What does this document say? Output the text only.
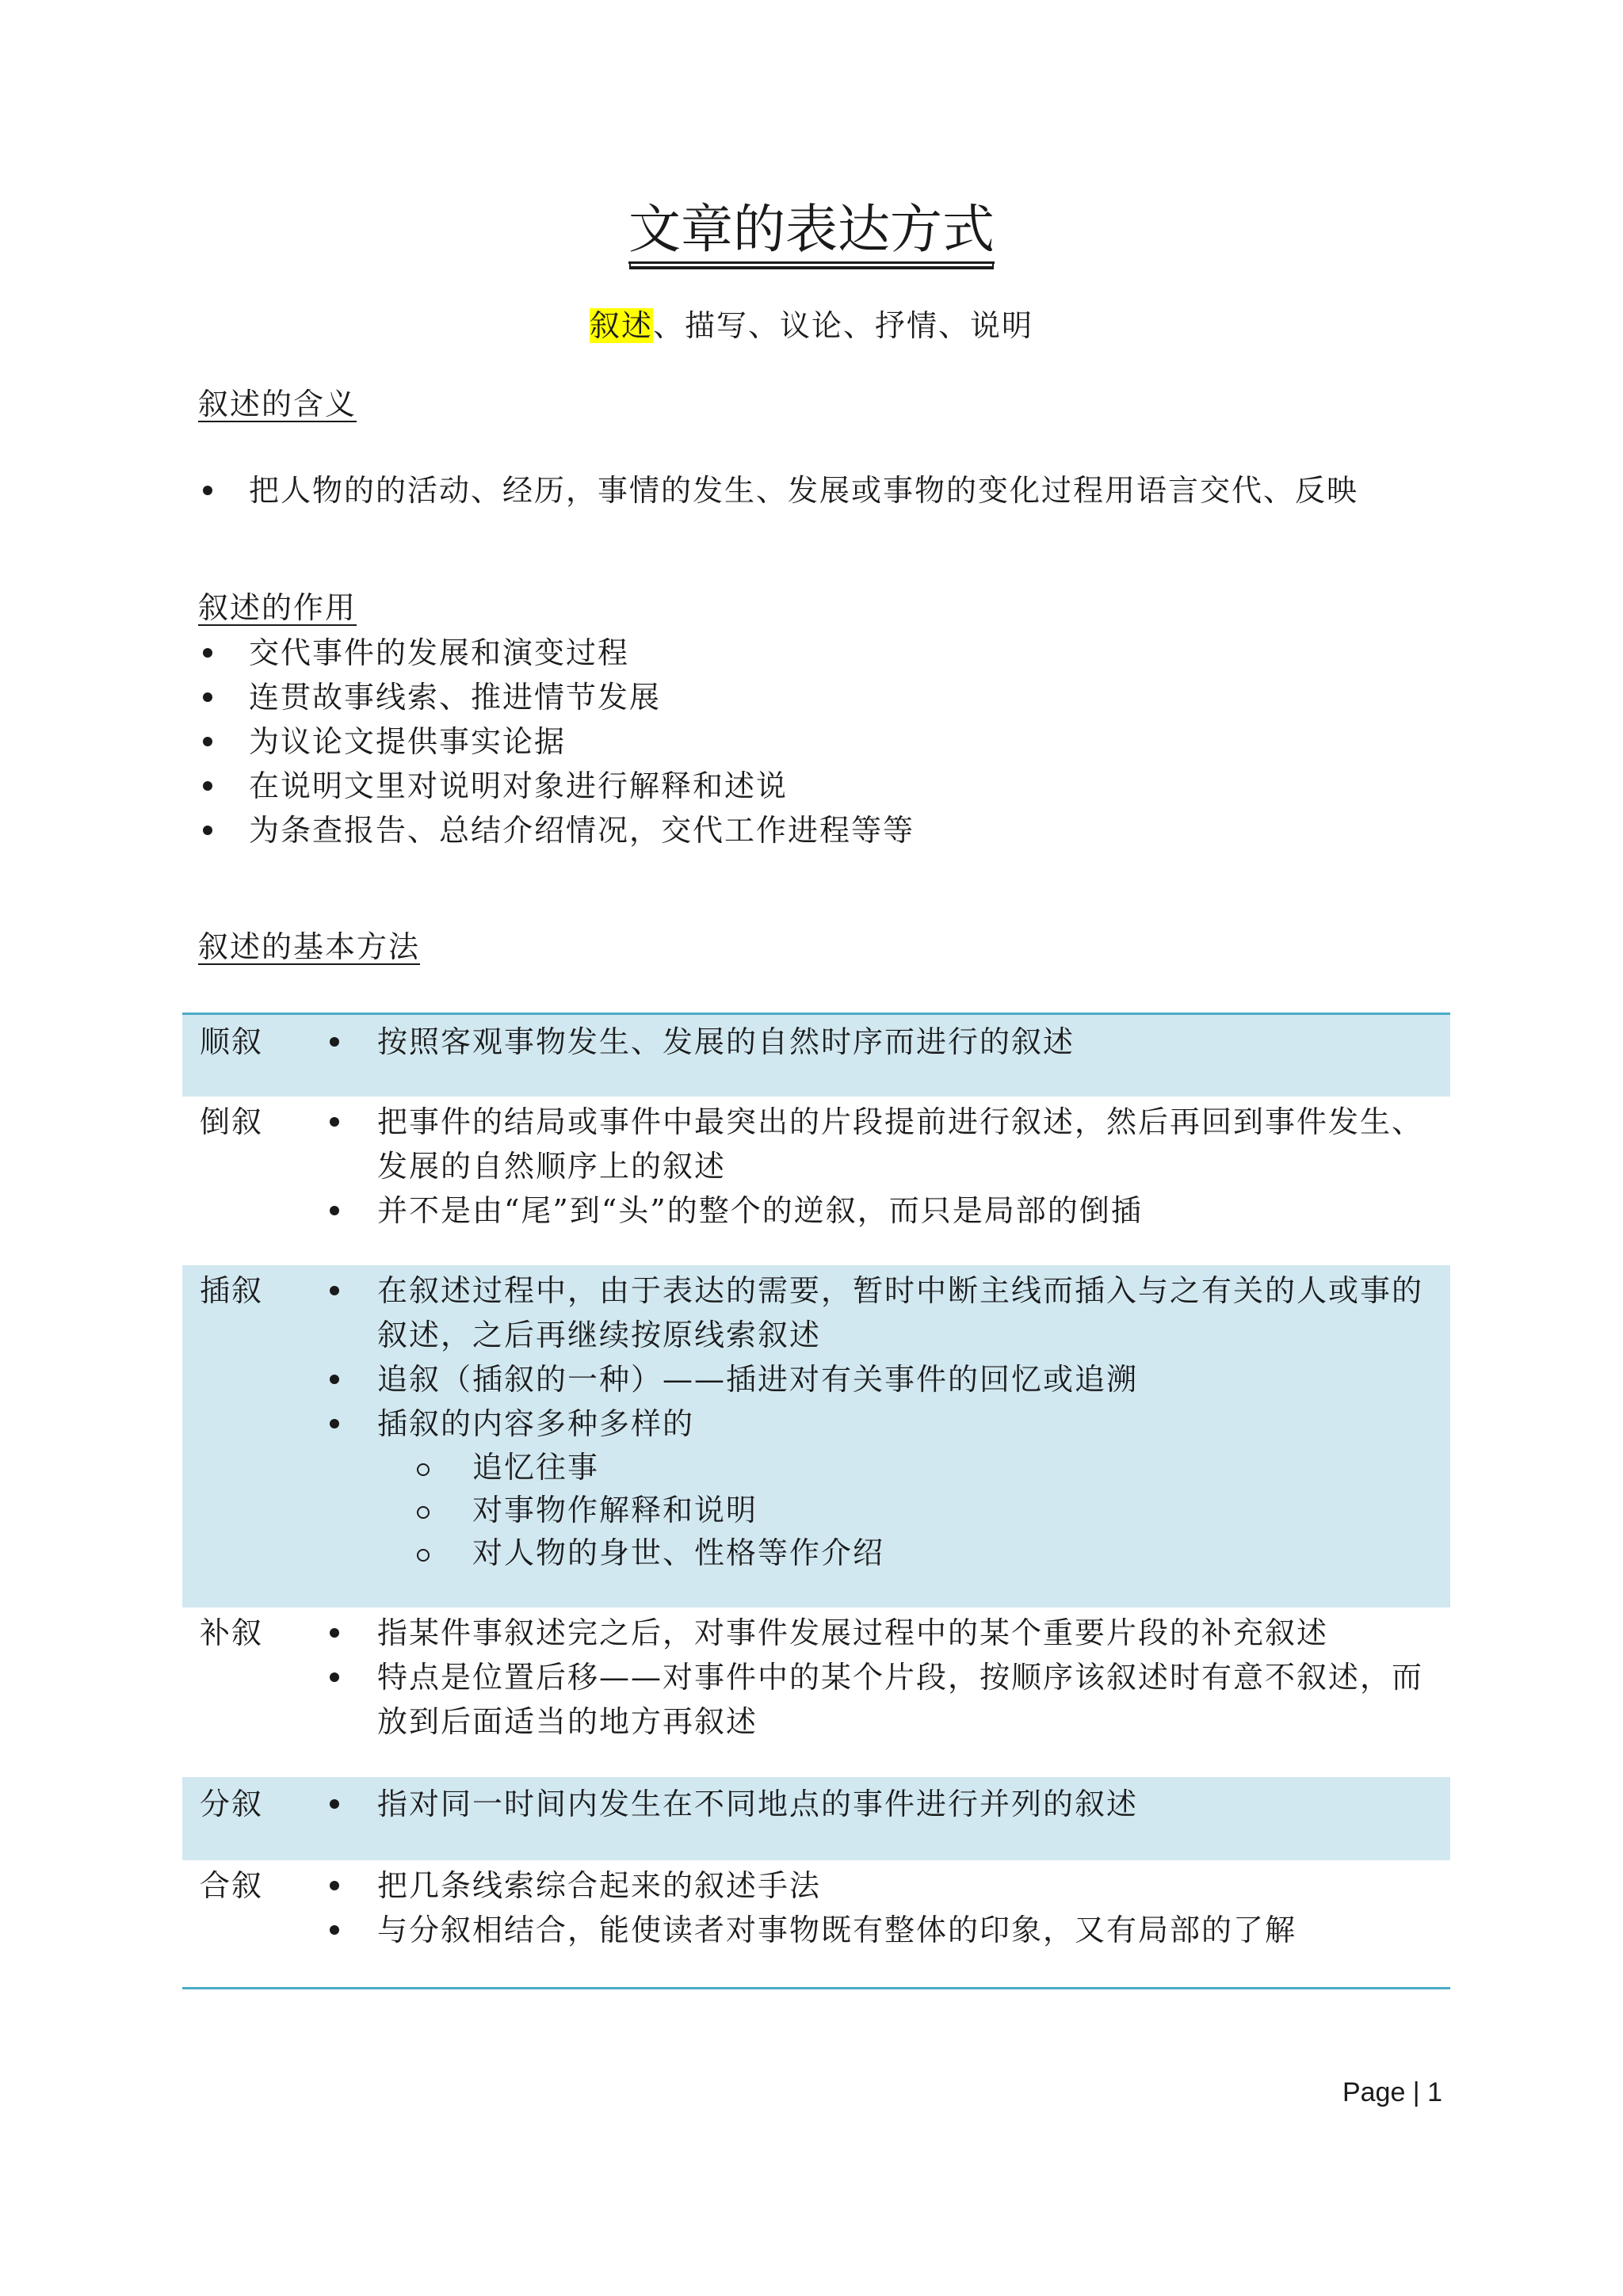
文章的表达方式
叙述、描写、议论、抒情、说明
叙述的含义
把人物的的活动、经历，事情的发生、发展或事物的变化过程用语言交代、反映
叙述的作用
交代事件的发展和演变过程
连贯故事线索、推进情节发展
为议论文提供事实论据
在说明文里对说明对象进行解释和述说
为条查报告、总结介绍情况，交代工作进程等等
叙述的基本方法
顺叙	按照客观事物发生、发展的自然时序而进行的叙述
倒叙	把事件的结局或事件中最突出的片段提前进行叙述，然后再回到事件发生、发展的自然顺序上的叙述
并不是由“尾”到“头”的整个的逆叙，而只是局部的倒插
插叙	在叙述过程中，由于表达的需要，暂时中断主线而插入与之有关的人或事的叙述，之后再继续按原线索叙述
追叙（插叙的一种）——插进对有关事件的回忆或追溯
插叙的内容多种多样的
追忆往事
对事物作解释和说明
对人物的身世、性格等作介绍
补叙	指某件事叙述完之后，对事件发展过程中的某个重要片段的补充叙述
特点是位置后移——对事件中的某个片段，按顺序该叙述时有意不叙述，而放到后面适当的地方再叙述
分叙	指对同一时间内发生在不同地点的事件进行并列的叙述
合叙	把几条线索综合起来的叙述手法
与分叙相结合，能使读者对事物既有整体的印象，又有局部的了解
Page | 1
